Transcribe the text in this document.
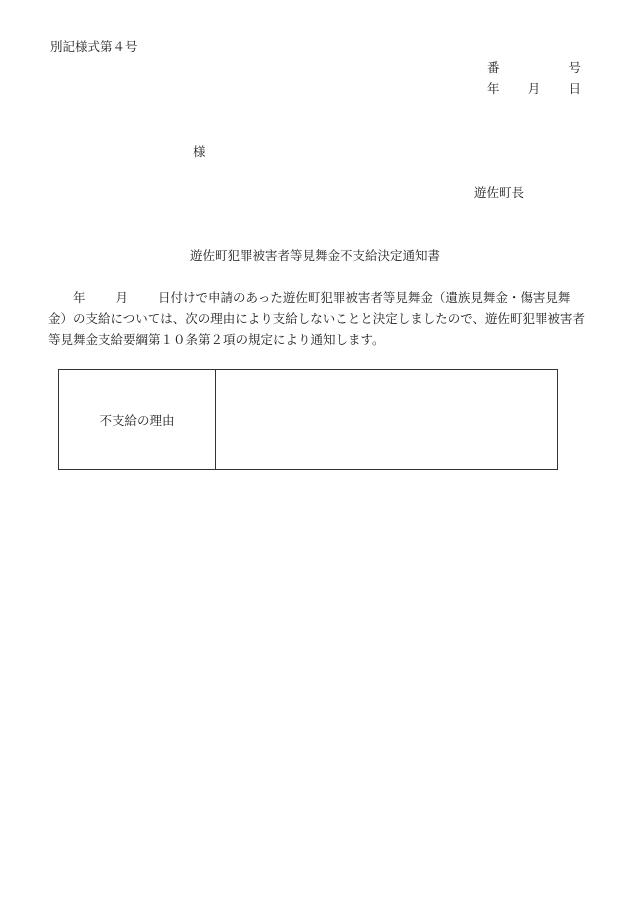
別記様式第４号
番	号
年 月 日
様
遊佐町長
遊佐町犯罪被害者等見舞金不支給決定通知書
年 月 日付けで申請のあった遊佐町犯罪被害者等見舞金（遺族見舞金・傷害見舞金）の支給については、次の理由により支給しないことと決定しましたので、遊佐町犯罪被害者等見舞金支給要綱第１０条第２項の規定により通知します。
不支給の理由
